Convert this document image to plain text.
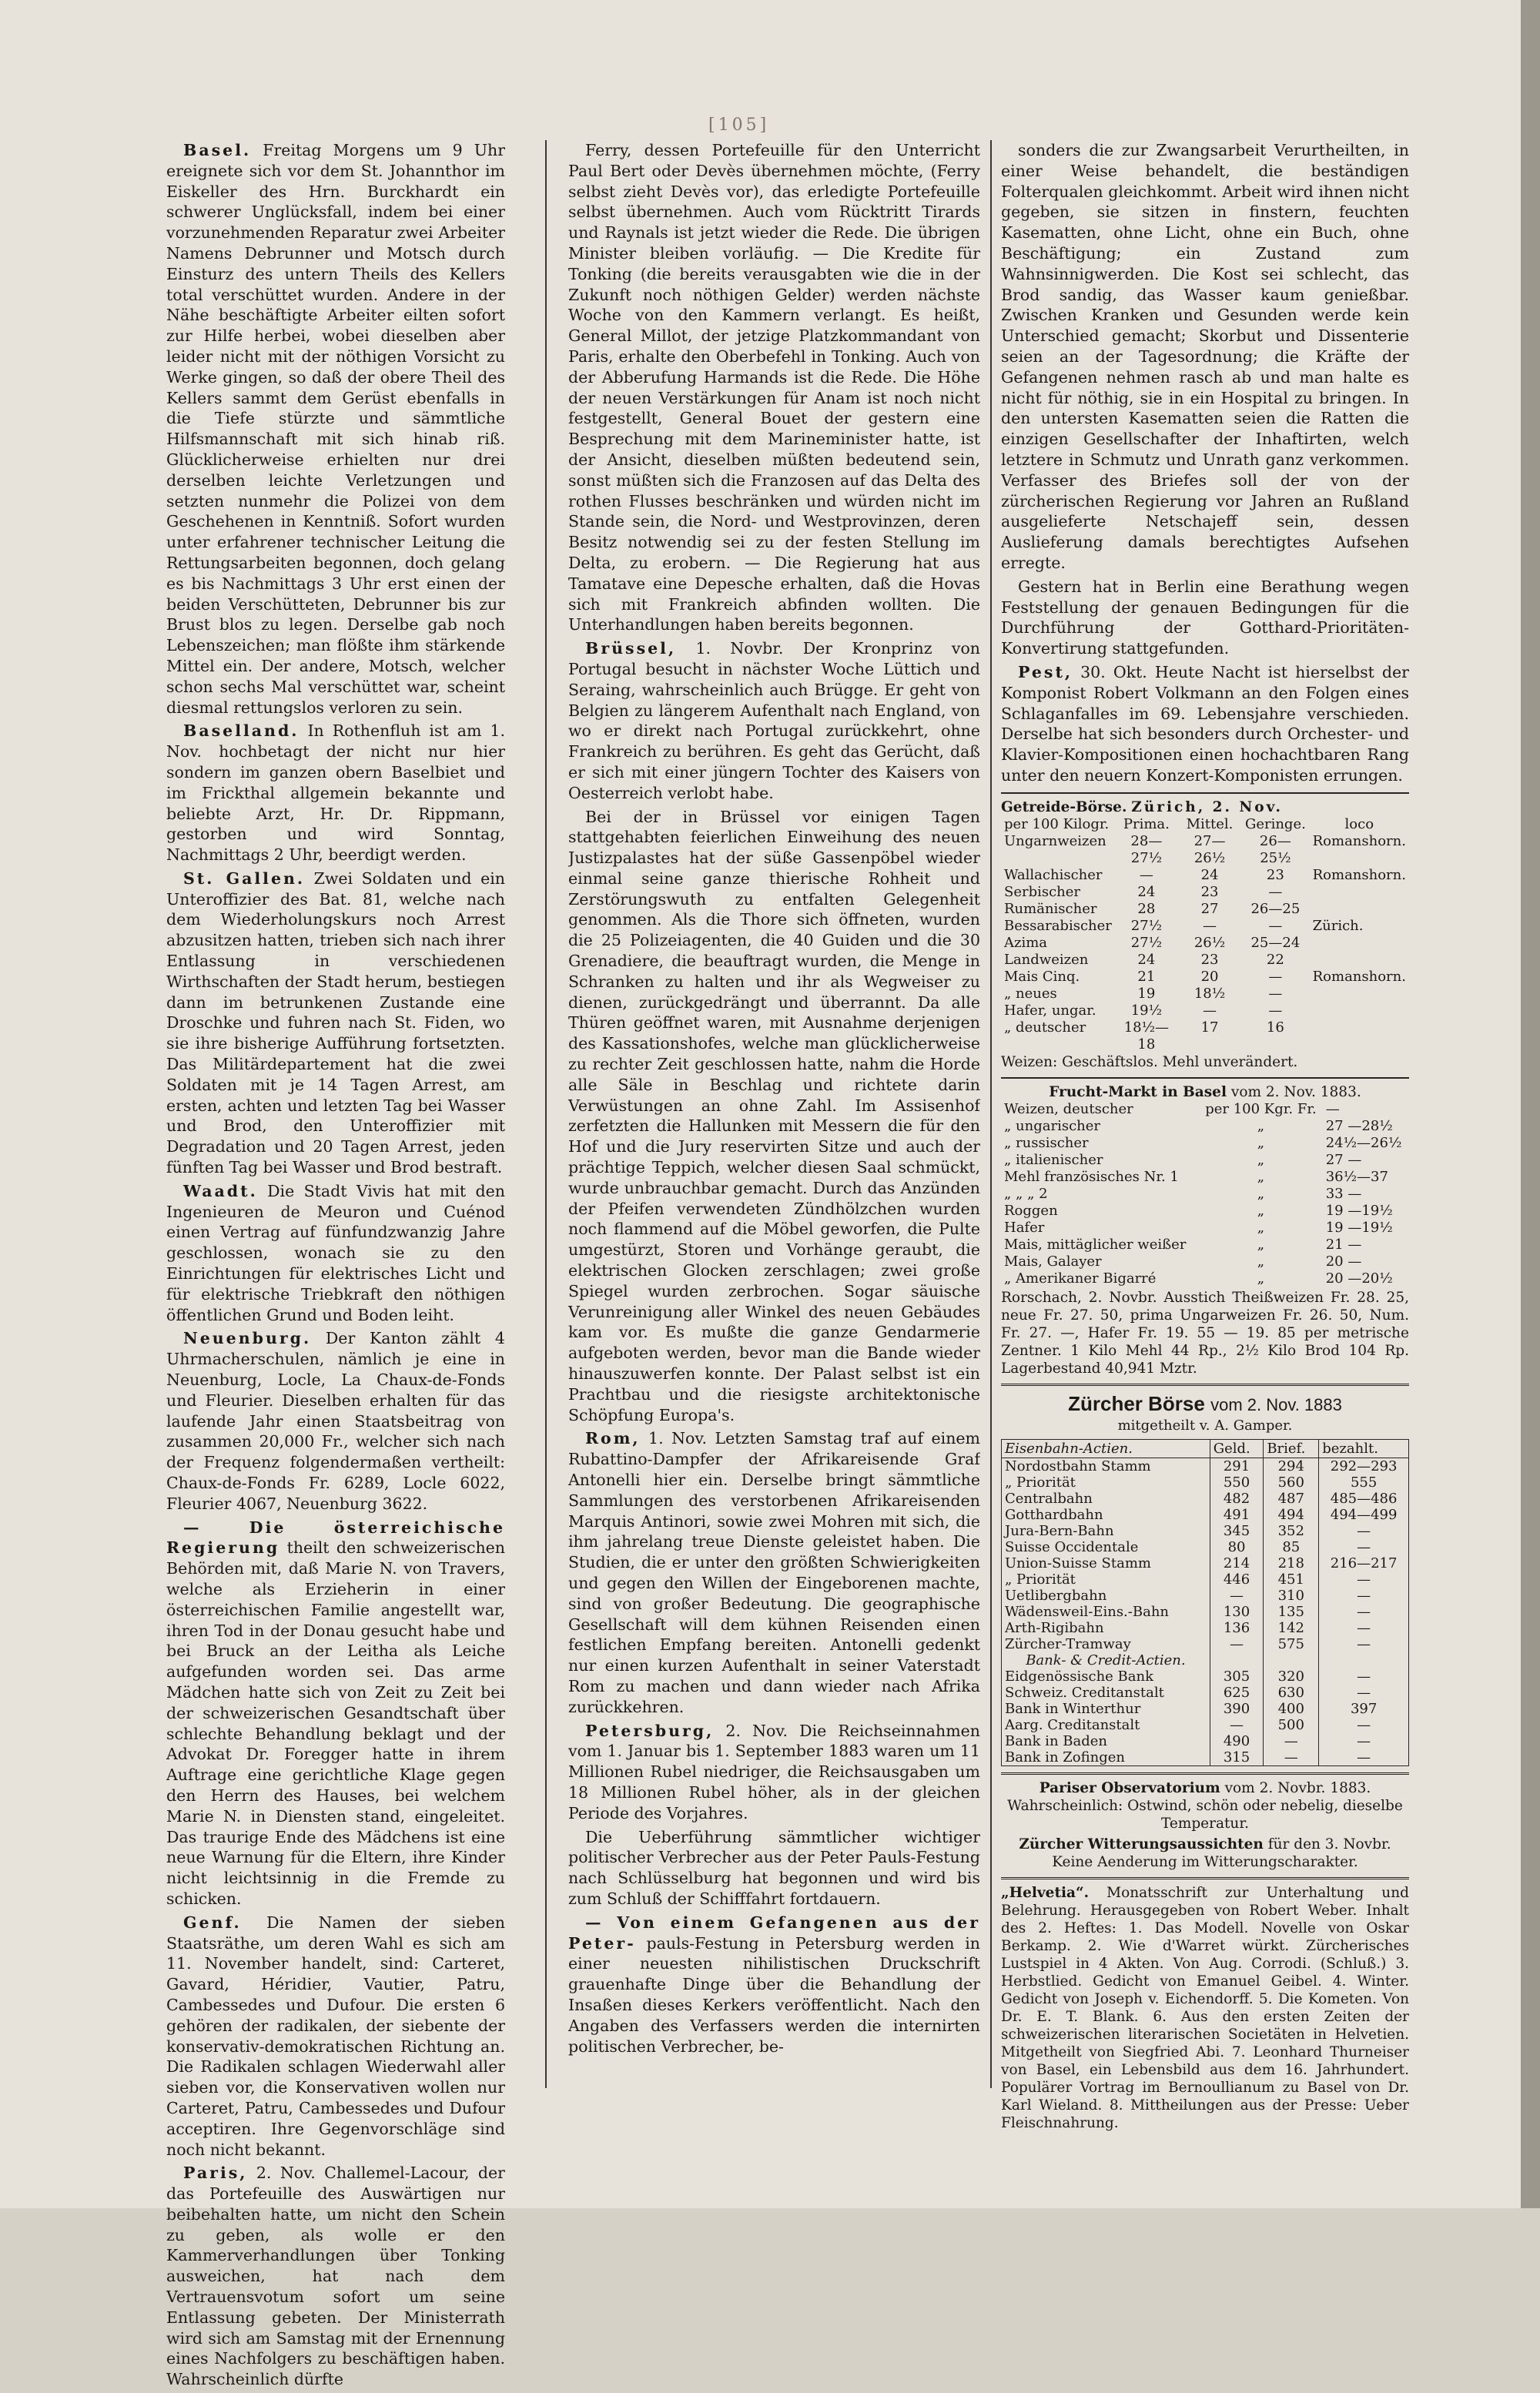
[105]

Basel. Freitag Morgens um 9 Uhr ereignete sich vor dem St. Johannthor im Eiskeller des Hrn. Burckhardt ein schwerer Unglücksfall, indem bei einer vorzunehmenden Reparatur zwei Arbeiter Namens Debrunner und Motsch durch Einsturz des untern Theils des Kellers total verschüttet wurden. Andere in der Nähe beschäftigte Arbeiter eilten sofort zur Hilfe herbei, wobei dieselben aber leider nicht mit der nöthigen Vorsicht zu Werke gingen, so daß der obere Theil des Kellers sammt dem Gerüst ebenfalls in die Tiefe stürzte und sämmtliche Hilfsmannschaft mit sich hinab riß. Glücklicherweise erhielten nur drei derselben leichte Verletzungen und setzten nunmehr die Polizei von dem Geschehenen in Kenntniß. Sofort wurden unter erfahrener technischer Leitung die Rettungsarbeiten begonnen, doch gelang es bis Nachmittags 3 Uhr erst einen der beiden Verschütteten, Debrunner bis zur Brust blos zu legen. Derselbe gab noch Lebenszeichen; man flößte ihm stärkende Mittel ein. Der andere, Motsch, welcher schon sechs Mal verschüttet war, scheint diesmal rettungslos verloren zu sein.

Baselland. In Rothenfluh ist am 1. Nov. hochbetagt der nicht nur hier sondern im ganzen obern Baselbiet und im Frickthal allgemein bekannte und beliebte Arzt, Hr. Dr. Rippmann, gestorben und wird Sonntag, Nachmittags 2 Uhr, beerdigt werden.

St. Gallen. Zwei Soldaten und ein Unteroffizier des Bat. 81, welche nach dem Wiederholungskurs noch Arrest abzusitzen hatten, trieben sich nach ihrer Entlassung in verschiedenen Wirthschaften der Stadt herum, bestiegen dann im betrunkenen Zustande eine Droschke und fuhren nach St. Fiden, wo sie ihre bisherige Aufführung fortsetzten. Das Militärdepartement hat die zwei Soldaten mit je 14 Tagen Arrest, am ersten, achten und letzten Tag bei Wasser und Brod, den Unteroffizier mit Degradation und 20 Tagen Arrest, jeden fünften Tag bei Wasser und Brod bestraft.

Waadt. Die Stadt Vivis hat mit den Ingenieuren de Meuron und Cuénod einen Vertrag auf fünfundzwanzig Jahre geschlossen, wonach sie zu den Einrichtungen für elektrisches Licht und für elektrische Triebkraft den nöthigen öffentlichen Grund und Boden leiht.

Neuenburg. Der Kanton zählt 4 Uhrmacherschulen, nämlich je eine in Neuenburg, Locle, La Chaux-de-Fonds und Fleurier. Dieselben erhalten für das laufende Jahr einen Staatsbeitrag von zusammen 20,000 Fr., welcher sich nach der Frequenz folgendermaßen vertheilt: Chaux-de-Fonds Fr. 6289, Locle 6022, Fleurier 4067, Neuenburg 3622.

— Die österreichische Regierung theilt den schweizerischen Behörden mit, daß Marie N. von Travers, welche als Erzieherin in einer österreichischen Familie angestellt war, ihren Tod in der Donau gesucht habe und bei Bruck an der Leitha als Leiche aufgefunden worden sei. Das arme Mädchen hatte sich von Zeit zu Zeit bei der schweizerischen Gesandtschaft über schlechte Behandlung beklagt und der Advokat Dr. Foregger hatte in ihrem Auftrage eine gerichtliche Klage gegen den Herrn des Hauses, bei welchem Marie N. in Diensten stand, eingeleitet. Das traurige Ende des Mädchens ist eine neue Warnung für die Eltern, ihre Kinder nicht leichtsinnig in die Fremde zu schicken.

Genf. Die Namen der sieben Staatsräthe, um deren Wahl es sich am 11. November handelt, sind: Carteret, Gavard, Héridier, Vautier, Patru, Cambessedes und Dufour. Die ersten 6 gehören der radikalen, der siebente der konservativ-demokratischen Richtung an. Die Radikalen schlagen Wiederwahl aller sieben vor, die Konservativen wollen nur Carteret, Patru, Cambessedes und Dufour acceptiren. Ihre Gegenvorschläge sind noch nicht bekannt.

Paris, 2. Nov. Challemel-Lacour, der das Portefeuille des Auswärtigen nur beibehalten hatte, um nicht den Schein zu geben, als wolle er den Kammerverhandlungen über Tonking ausweichen, hat nach dem Vertrauensvotum sofort um seine Entlassung gebeten. Der Ministerrath wird sich am Samstag mit der Ernennung eines Nachfolgers zu beschäftigen haben. Wahrscheinlich dürfte

Ferry, dessen Portefeuille für den Unterricht Paul Bert oder Devès übernehmen möchte, (Ferry selbst zieht Devès vor), das erledigte Portefeuille selbst übernehmen. Auch vom Rücktritt Tirards und Raynals ist jetzt wieder die Rede. Die übrigen Minister bleiben vorläufig. — Die Kredite für Tonking (die bereits verausgabten wie die in der Zukunft noch nöthigen Gelder) werden nächste Woche von den Kammern verlangt. Es heißt, General Millot, der jetzige Platzkommandant von Paris, erhalte den Oberbefehl in Tonking. Auch von der Abberufung Harmands ist die Rede. Die Höhe der neuen Verstärkungen für Anam ist noch nicht festgestellt, General Bouet der gestern eine Besprechung mit dem Marineminister hatte, ist der Ansicht, dieselben müßten bedeutend sein, sonst müßten sich die Franzosen auf das Delta des rothen Flusses beschränken und würden nicht im Stande sein, die Nord- und Westprovinzen, deren Besitz notwendig sei zu der festen Stellung im Delta, zu erobern. — Die Regierung hat aus Tamatave eine Depesche erhalten, daß die Hovas sich mit Frankreich abfinden wollten. Die Unterhandlungen haben bereits begonnen.

Brüssel, 1. Novbr. Der Kronprinz von Portugal besucht in nächster Woche Lüttich und Seraing, wahrscheinlich auch Brügge. Er geht von Belgien zu längerem Aufenthalt nach England, von wo er direkt nach Portugal zurückkehrt, ohne Frankreich zu berühren. Es geht das Gerücht, daß er sich mit einer jüngern Tochter des Kaisers von Oesterreich verlobt habe.

Bei der in Brüssel vor einigen Tagen stattgehabten feierlichen Einweihung des neuen Justizpalastes hat der süße Gassenpöbel wieder einmal seine ganze thierische Rohheit und Zerstörungswuth zu entfalten Gelegenheit genommen. Als die Thore sich öffneten, wurden die 25 Polizeiagenten, die 40 Guiden und die 30 Grenadiere, die beauftragt wurden, die Menge in Schranken zu halten und ihr als Wegweiser zu dienen, zurückgedrängt und überrannt. Da alle Thüren geöffnet waren, mit Ausnahme derjenigen des Kassationshofes, welche man glücklicherweise zu rechter Zeit geschlossen hatte, nahm die Horde alle Säle in Beschlag und richtete darin Verwüstungen an ohne Zahl. Im Assisenhof zerfetzten die Hallunken mit Messern die für den Hof und die Jury reservirten Sitze und auch der prächtige Teppich, welcher diesen Saal schmückt, wurde unbrauchbar gemacht. Durch das Anzünden der Pfeifen verwendeten Zündhölzchen wurden noch flammend auf die Möbel geworfen, die Pulte umgestürzt, Storen und Vorhänge geraubt, die elektrischen Glocken zerschlagen; zwei große Spiegel wurden zerbrochen. Sogar säuische Verunreinigung aller Winkel des neuen Gebäudes kam vor. Es mußte die ganze Gendarmerie aufgeboten werden, bevor man die Bande wieder hinauszuwerfen konnte. Der Palast selbst ist ein Prachtbau und die riesigste architektonische Schöpfung Europa's.

Rom, 1. Nov. Letzten Samstag traf auf einem Rubattino-Dampfer der Afrikareisende Graf Antonelli hier ein. Derselbe bringt sämmtliche Sammlungen des verstorbenen Afrikareisenden Marquis Antinori, sowie zwei Mohren mit sich, die ihm jahrelang treue Dienste geleistet haben. Die Studien, die er unter den größten Schwierigkeiten und gegen den Willen der Eingeborenen machte, sind von großer Bedeutung. Die geographische Gesellschaft will dem kühnen Reisenden einen festlichen Empfang bereiten. Antonelli gedenkt nur einen kurzen Aufenthalt in seiner Vaterstadt Rom zu machen und dann wieder nach Afrika zurückkehren.

Petersburg, 2. Nov. Die Reichseinnahmen vom 1. Januar bis 1. September 1883 waren um 11 Millionen Rubel niedriger, die Reichsausgaben um 18 Millionen Rubel höher, als in der gleichen Periode des Vorjahres.

Die Ueberführung sämmtlicher wichtiger politischer Verbrecher aus der Peter Pauls-Festung nach Schlüsselburg hat begonnen und wird bis zum Schluß der Schifffahrt fortdauern.

— Von einem Gefangenen aus der Peter- pauls-Festung in Petersburg werden in einer neuesten nihilistischen Druckschrift grauenhafte Dinge über die Behandlung der Insaßen dieses Kerkers veröffentlicht. Nach den Angaben des Verfassers werden die internirten politischen Verbrecher, be-

sonders die zur Zwangsarbeit Verurtheilten, in einer Weise behandelt, die beständigen Folterqualen gleichkommt. Arbeit wird ihnen nicht gegeben, sie sitzen in finstern, feuchten Kasematten, ohne Licht, ohne ein Buch, ohne Beschäftigung; ein Zustand zum Wahnsinnigwerden. Die Kost sei schlecht, das Brod sandig, das Wasser kaum genießbar. Zwischen Kranken und Gesunden werde kein Unterschied gemacht; Skorbut und Dissenterie seien an der Tagesordnung; die Kräfte der Gefangenen nehmen rasch ab und man halte es nicht für nöthig, sie in ein Hospital zu bringen. In den untersten Kasematten seien die Ratten die einzigen Gesellschafter der Inhaftirten, welch letztere in Schmutz und Unrath ganz verkommen. Verfasser des Briefes soll der von der zürcherischen Regierung vor Jahren an Rußland ausgelieferte Netschajeff sein, dessen Auslieferung damals berechtigtes Aufsehen erregte.

Gestern hat in Berlin eine Berathung wegen Feststellung der genauen Bedingungen für die Durchführung der Gotthard-Prioritäten-Konvertirung stattgefunden.

Pest, 30. Okt. Heute Nacht ist hierselbst der Komponist Robert Volkmann an den Folgen eines Schlaganfalles im 69. Lebensjahre verschieden. Derselbe hat sich besonders durch Orchester- und Klavier-Kompositionen einen hochachtbaren Rang unter den neuern Konzert-Komponisten errungen.

Getreide-Börse. Zürich, 2. Nov.
per 100 Kilogr.	Prima.	Mittel.	Geringe.	loco
Ungarnweizen	28—27½	27—26½	26—25½	Romanshorn.
Wallachischer	—	24	23	Romanshorn.
Serbischer	24	23	—	
Rumänischer	28	27	26—25	
Bessarabischer	27½	—	—	Zürich.
Azima	27½	26½	25—24	
Landweizen	24	23	22	
Mais Cinq.	21	20	—	Romanshorn.
„ neues	19	18½	—	
Hafer, ungar.	19½	—	—	
„ deutscher	18½—18	17	16	
Weizen: Geschäftslos. Mehl unverändert.
Frucht-Markt in Basel vom 2. Nov. 1883.
Weizen, deutscher	per 100 Kgr. Fr.	—
„ ungarischer	„	27 —28½
„ russischer	„	24½—26½
„ italienischer	„	27 —
Mehl französisches Nr. 1	„	36½—37
„ „ „ 2	„	33 —
Roggen	„	19 —19½
Hafer	„	19 —19½
Mais, mittäglicher weißer	„	21 —
Mais, Galayer	„	20 —
„ Amerikaner Bigarré	„	20 —20½

Rorschach, 2. Novbr. Ausstich Theißweizen Fr. 28. 25, neue Fr. 27. 50, prima Ungarweizen Fr. 26. 50, Num. Fr. 27. —, Hafer Fr. 19. 55 — 19. 85 per metrische Zentner. 1 Kilo Mehl 44 Rp., 2½ Kilo Brod 104 Rp. Lagerbestand 40,941 Mztr.

Zürcher Börse vom 2. Nov. 1883
mitgetheilt v. A. Gamper.
Eisenbahn-Actien.	Geld.	Brief.	bezahlt.
Nordostbahn Stamm	291	294	292—293
„ Priorität	550	560	555
Centralbahn	482	487	485—486
Gotthardbahn	491	494	494—499
Jura-Bern-Bahn	345	352	—
Suisse Occidentale	80	85	—
Union-Suisse Stamm	214	218	216—217
„ Priorität	446	451	—
Uetlibergbahn	—	310	—
Wädensweil-Eins.-Bahn	130	135	—
Arth-Rigibahn	136	142	—
Zürcher-Tramway	—	575	—
Bank- & Credit-Actien.			
Eidgenössische Bank	305	320	—
Schweiz. Creditanstalt	625	630	—
Bank in Winterthur	390	400	397
Aarg. Creditanstalt	—	500	—
Bank in Baden	490	—	—
Bank in Zofingen	315	—	—
Pariser Observatorium vom 2. Novbr. 1883.
Wahrscheinlich: Ostwind, schön oder nebelig, dieselbe Temperatur.
Zürcher Witterungsaussichten für den 3. Novbr.
Keine Aenderung im Witterungscharakter.
„Helvetia“. Monatsschrift zur Unterhaltung und Belehrung. Herausgegeben von Robert Weber. Inhalt des 2. Heftes: 1. Das Modell. Novelle von Oskar Berkamp. 2. Wie d'Warret würkt. Zürcherisches Lustspiel in 4 Akten. Von Aug. Corrodi. (Schluß.) 3. Herbstlied. Gedicht von Emanuel Geibel. 4. Winter. Gedicht von Joseph v. Eichendorff. 5. Die Kometen. Von Dr. E. T. Blank. 6. Aus den ersten Zeiten der schweizerischen literarischen Societäten in Helvetien. Mitgetheilt von Siegfried Abi. 7. Leonhard Thurneiser von Basel, ein Lebensbild aus dem 16. Jahrhundert. Populärer Vortrag im Bernoullianum zu Basel von Dr. Karl Wieland. 8. Mittheilungen aus der Presse: Ueber Fleischnahrung.
